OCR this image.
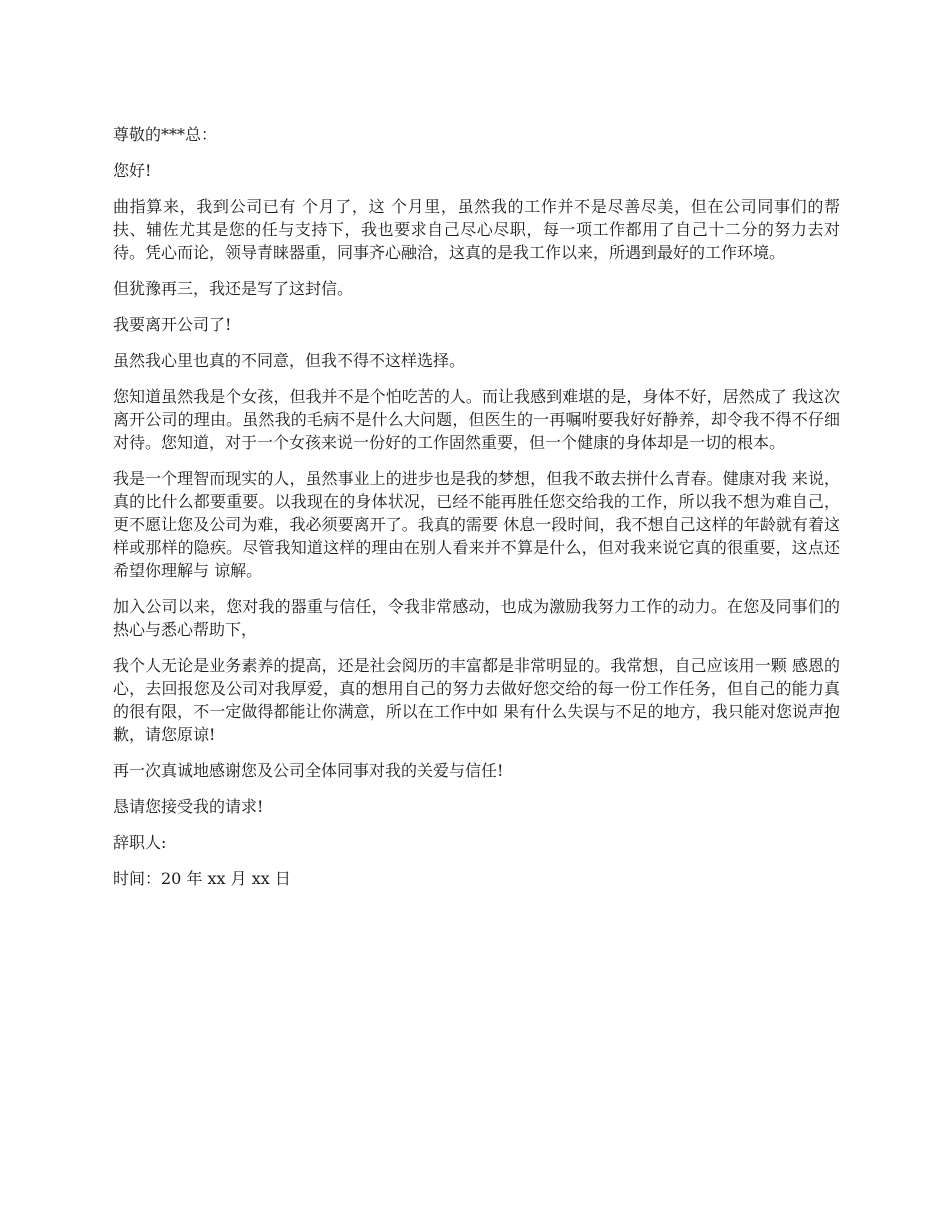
尊敬的***总：

您好!

曲指算来，我到公司已有 个月了，这 个月里，虽然我的工作并不是尽善尽美，但在公司同事们的帮扶、辅佐尤其是您的任与支持下，我也要求自己尽心尽职，每一项工作都用了自己十二分的努力去对 待。凭心而论，领导青睐器重，同事齐心融洽，这真的是我工作以来，所遇到最好的工作环境。

但犹豫再三，我还是写了这封信。

我要离开公司了!

虽然我心里也真的不同意，但我不得不这样选择。

您知道虽然我是个女孩，但我并不是个怕吃苦的人。而让我感到难堪的是，身体不好，居然成了 我这次离开公司的理由。虽然我的毛病不是什么大问题，但医生的一再嘱咐要我好好静养，却令我不得不仔细对待。您知道，对于一个女孩来说一份好的工作固然重要，但一个健康的身体却是一切的根本。

我是一个理智而现实的人，虽然事业上的进步也是我的梦想，但我不敢去拼什么青春。健康对我 来说，真的比什么都要重要。以我现在的身体状况，已经不能再胜任您交给我的工作，所以我不想为难自己，更不愿让您及公司为难，我必须要离开了。我真的需要 休息一段时间，我不想自己这样的年龄就有着这样或那样的隐疾。尽管我知道这样的理由在别人看来并不算是什么，但对我来说它真的很重要，这点还希望你理解与 谅解。

加入公司以来，您对我的器重与信任，令我非常感动，也成为激励我努力工作的动力。在您及同事们的热心与悉心帮助下，

我个人无论是业务素养的提高，还是社会阅历的丰富都是非常明显的。我常想，自己应该用一颗 感恩的心，去回报您及公司对我厚爱，真的想用自己的努力去做好您交给的每一份工作任务，但自己的能力真的很有限，不一定做得都能让你满意，所以在工作中如 果有什么失误与不足的地方，我只能对您说声抱歉，请您原谅!

再一次真诚地感谢您及公司全体同事对我的关爱与信任!

恳请您接受我的请求!

辞职人:

时间：20 年 xx 月 xx 日
